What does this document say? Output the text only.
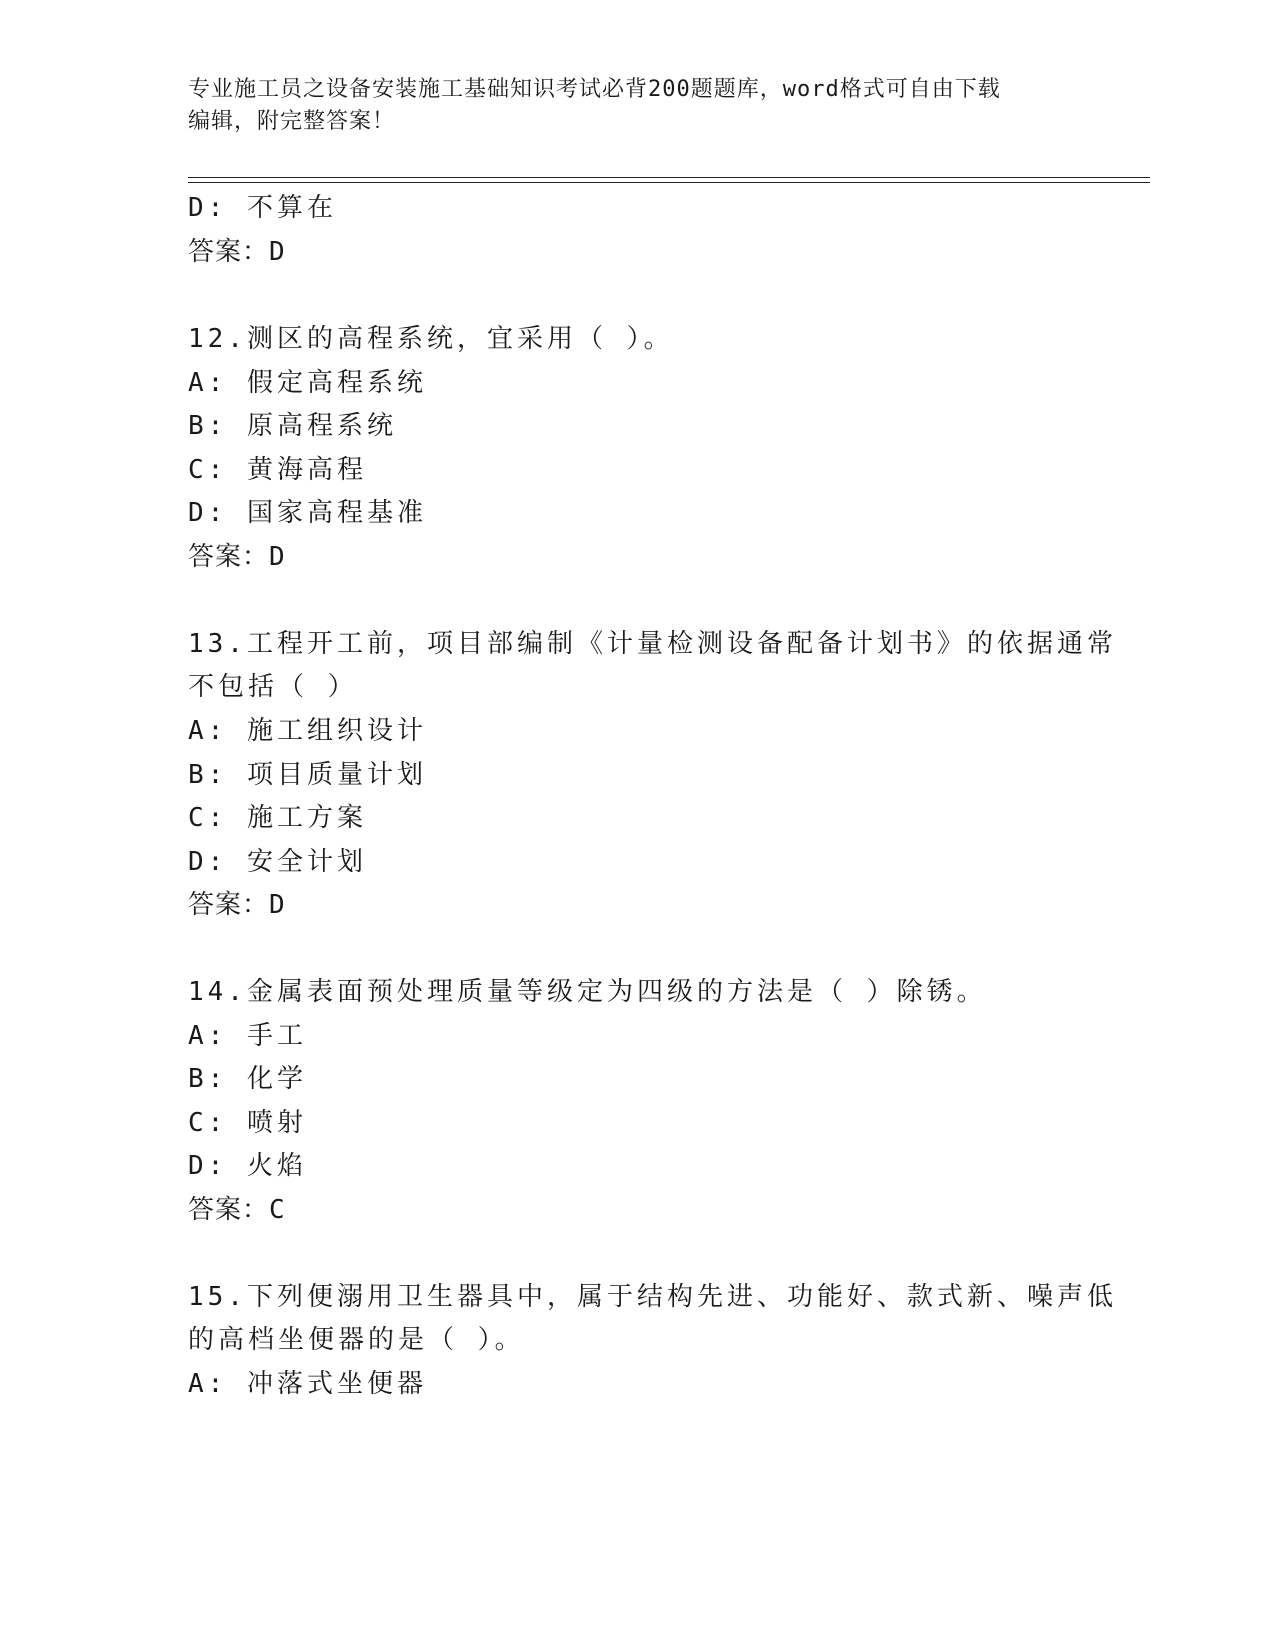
专业施工员之设备安装施工基础知识考试必背200题题库，word格式可自由下载
编辑，附完整答案！
D: 不算在
答案：D
12.测区的高程系统，宜采用（ ）。
A: 假定高程系统
B: 原高程系统
C: 黄海高程
D: 国家高程基准
答案：D
13.工程开工前，项目部编制《计量检测设备配备计划书》的依据通常
不包括（ ）
A: 施工组织设计
B: 项目质量计划
C: 施工方案
D: 安全计划
答案：D
14.金属表面预处理质量等级定为四级的方法是（ ）除锈。
A: 手工
B: 化学
C: 喷射
D: 火焰
答案：C
15.下列便溺用卫生器具中，属于结构先进、功能好、款式新、噪声低
的高档坐便器的是（ ）。
A: 冲落式坐便器
